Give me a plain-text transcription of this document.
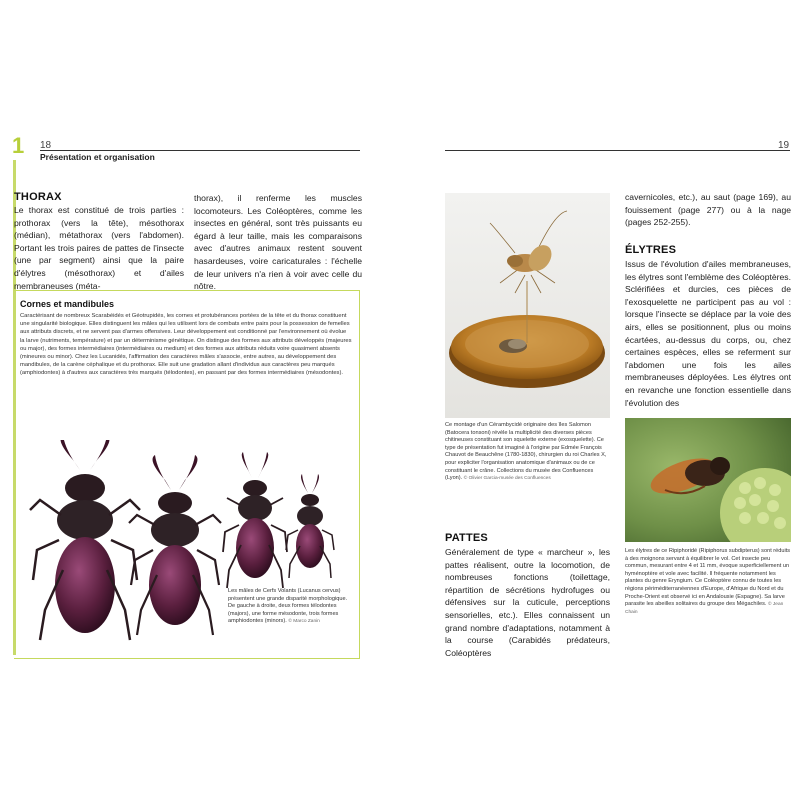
1 18
Présentation et organisation
THORAX
Le thorax est constitué de trois parties : prothorax (vers la tête), mésothorax (médian), métathorax (vers l'abdomen). Portant les trois paires de pattes de l'insecte (une par segment) ainsi que la paire d'élytres (mésothorax) et d'ailes membraneuses (méta-
thorax), il renferme les muscles locomoteurs. Les Coléoptères, comme les insectes en général, sont très puissants eu égard à leur taille, mais les comparaisons avec d'autres animaux restent souvent hasardeuses, voire caricaturales : l'échelle de leur univers n'a rien à voir avec celle du nôtre.
Cornes et mandibules
Caractérisant de nombreux Scarabéidés et Géotrupidés, les cornes et protubérances portées de la tête et du thorax constituent une singularité biologique. Elles distinguent les mâles qui les utilisent lors de combats entre pairs pour la possession de femelles aux attributs discrets, et ne servent pas d'armes offensives. Leur développement est conditionné par l'environnement où évolue la larve (nutriments, température) et par un déterminisme génétique. On distingue des formes aux attributs développés (majeures ou major), des formes intermédiaires (intermédiaires ou medium) et des formes aux attributs réduits voire quasiment absents (mineures ou minor). Chez les Lucanidés, l'affirmation des caractères mâles s'associe, entre autres, au développement des mandibules, de la carène céphalique et du prothorax. Elle suit une gradation allant d'individus aux caractères peu marqués (amphiodontes) à d'autres aux caractères très marqués (télodontes), en passant par des formes intermédiaires (mésodontes).
Les mâles de Cerfs Volants (Lucanus cervus) présentent une grande disparité morphologique. De gauche à droite, deux formes télodontes (majors), une forme mésodonte, trois formes amphiodontes (minors). © Marco Zanin
19
Ce montage d'un Cérambycidé originaire des îles Salomon (Batocera tonsoni) révèle la multiplicité des diverses pièces chitineuses constituant son squelette externe (exosquelette). Ce type de présentation fut imaginé à l'origine par Edmée François Chauvot de Beauchêne (1780-1830), chirurgien du roi Charles X, pour expliciter l'organisation anatomique d'animaux ou de ce constituant le crâne. Collections du musée des Confluences (Lyon). © Olivier Garcia-musée des Confluences
PATTES
Généralement de type « marcheur », les pattes réalisent, outre la locomotion, de nombreuses fonctions (toilettage, répartition de sécrétions hydrofuges ou défensives sur la cuticule, perceptions sensorielles, etc.). Elles connaissent un grand nombre d'adaptations, notamment à la course (Carabidés prédateurs, Coléoptères
cavernicoles, etc.), au saut (page 169), au fouissement (page 277) ou à la nage (pages 252-255).
ÉLYTRES
Issus de l'évolution d'ailes membraneuses, les élytres sont l'emblème des Coléoptères. Sclérifiées et durcies, ces pièces de l'exosquelette ne participent pas au vol : lorsque l'insecte se déplace par la voie des airs, elles se positionnent, plus ou moins écartées, au-dessus du corps, ou, chez certaines espèces, elles se referment sur l'abdomen une fois les ailes membraneuses déployées. Les élytres ont en revanche une fonction essentielle dans l'évolution des
Les élytres de ce Ripiphoridé (Ripiphorus subdipterus) sont réduits à des moignons servant à équilibrer le vol. Cet insecte peu commun, mesurant entre 4 et 11 mm, évoque superficiellement un hyménoptère et vole avec facilité. Il fréquente notamment les plantes du genre Eryngium. Ce Coléoptère connu de toutes les régions périméditerranéennes d'Europe, d'Afrique du Nord et du Proche-Orient est observé ici en Andalousie (Espagne). Sa larve parasite les abeilles solitaires du groupe des Mégachiles. © Jean Chain
